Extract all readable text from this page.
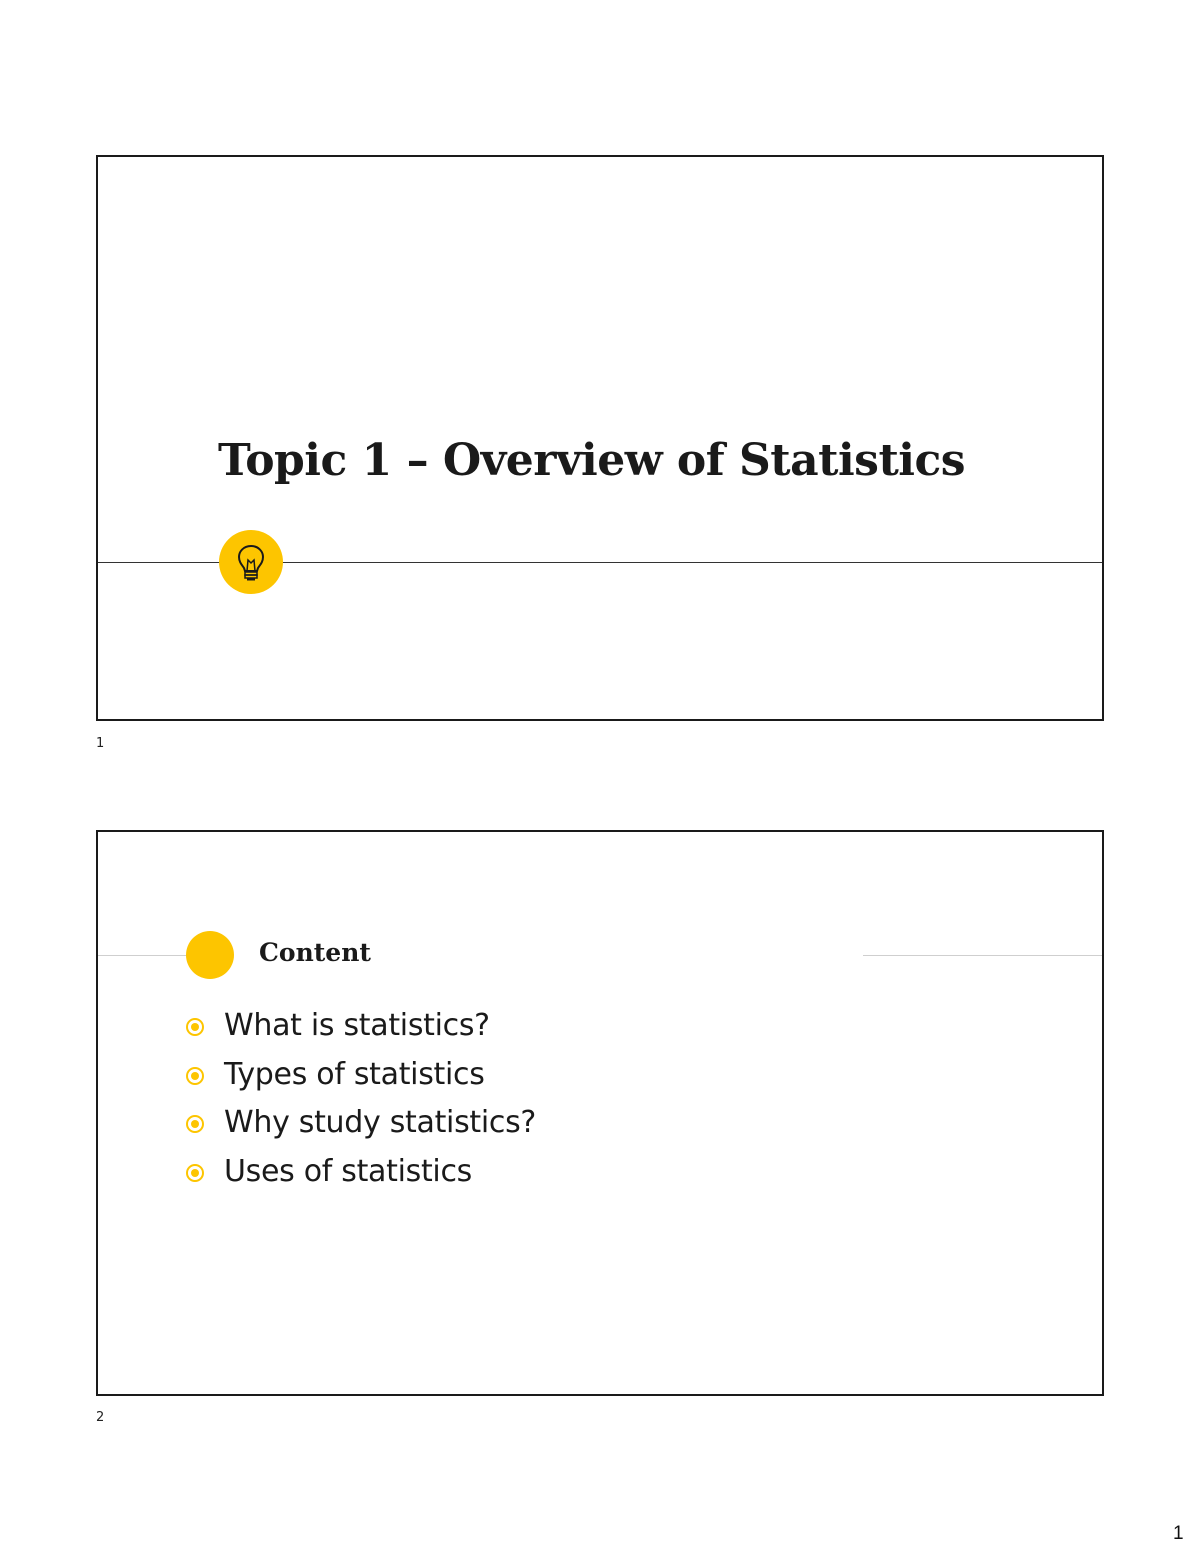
Topic 1 – Overview of Statistics
1
Content
What is statistics?
Types of statistics
Why study statistics?
Uses of statistics
2
1
